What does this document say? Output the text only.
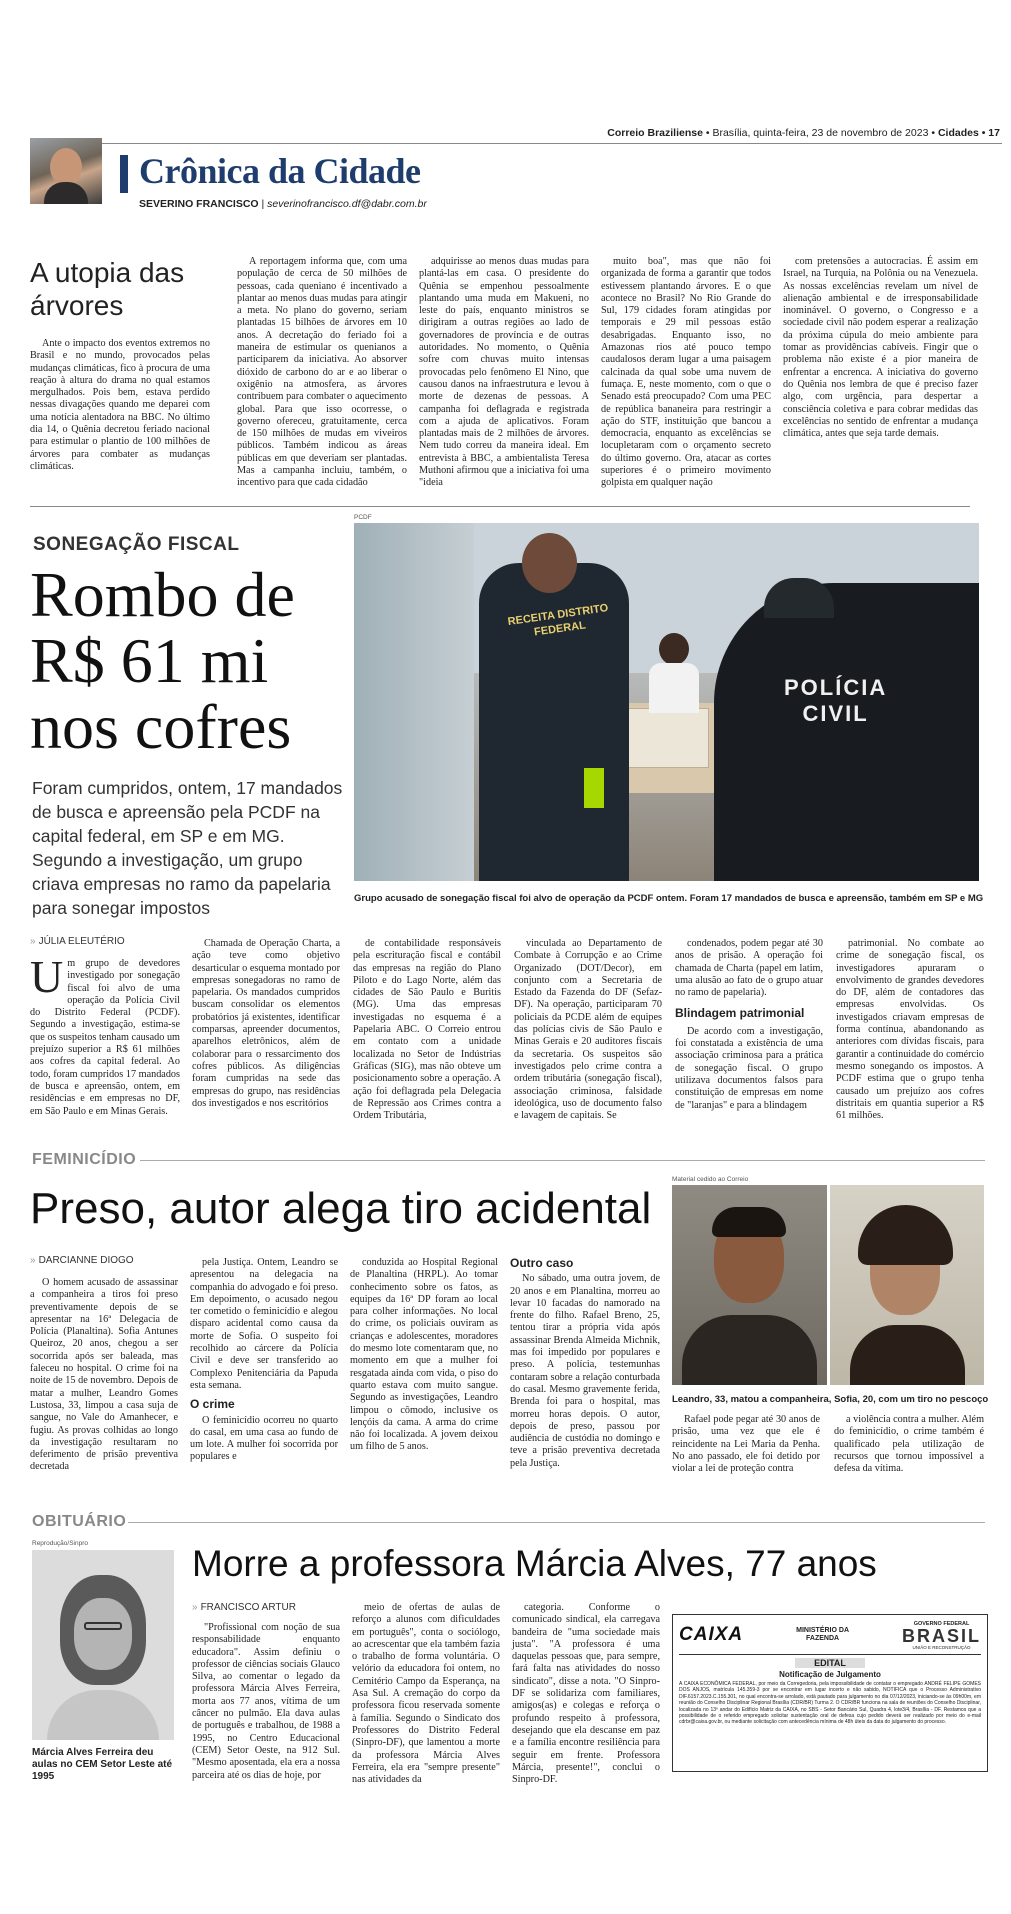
Correio Braziliense • Brasília, quinta-feira, 23 de novembro de 2023 • Cidades • 17
Crônica da Cidade
SEVERINO FRANCISCO | severinofrancisco.df@dabr.com.br
A utopia das árvores

Ante o impacto dos eventos extremos no Brasil e no mundo, provocados pelas mudanças climáticas, fico à procura de uma reação à altura do drama no qual estamos mergulhados. Pois bem, estava perdido nessas divagações quando me deparei com uma notícia alentadora na BBC. No último dia 14, o Quênia decretou feriado nacional para estimular o plantio de 100 milhões de árvores para combater as mudanças climáticas.

A reportagem informa que, com uma população de cerca de 50 milhões de pessoas, cada queniano é incentivado a plantar ao menos duas mudas para atingir a meta. No plano do governo, seriam plantadas 15 bilhões de árvores em 10 anos. A decretação do feriado foi a maneira de estimular os quenianos a participarem da iniciativa. Ao absorver dióxido de carbono do ar e ao liberar o oxigênio na atmosfera, as árvores contribuem para combater o aquecimento global. Para que isso ocorresse, o governo ofereceu, gratuitamente, cerca de 150 milhões de mudas em viveiros públicos. Também indicou as áreas públicas em que deveriam ser plantadas. Mas a campanha incluiu, também, o incentivo para que cada cidadão

adquirisse ao menos duas mudas para plantá-las em casa. O presidente do Quênia se empenhou pessoalmente plantando uma muda em Makueni, no leste do país, enquanto ministros se dirigiram a outras regiões ao lado de governadores de província e de outras autoridades. No momento, o Quênia sofre com chuvas muito intensas provocadas pelo fenômeno El Nino, que causou danos na infraestrutura e levou à morte de dezenas de pessoas. A campanha foi deflagrada e registrada com a ajuda de aplicativos. Foram plantadas mais de 2 milhões de árvores. Nem tudo correu da maneira ideal. Em entrevista à BBC, a ambientalista Teresa Muthoni afirmou que a iniciativa foi uma "ideia

muito boa", mas que não foi organizada de forma a garantir que todos estivessem plantando árvores. E o que acontece no Brasil? No Rio Grande do Sul, 179 cidades foram atingidas por temporais e 29 mil pessoas estão desabrigadas. Enquanto isso, no Amazonas rios até pouco tempo caudalosos deram lugar a uma paisagem calcinada da qual sobe uma nuvem de fumaça. E, neste momento, com o que o Senado está preocupado? Com uma PEC de república bananeira para restringir a ação do STF, instituição que bancou a democracia, enquanto as excelências se locupletaram com o orçamento secreto do último governo. Ora, atacar as cortes superiores é o primeiro movimento golpista em qualquer nação

com pretensões a autocracias. É assim em Israel, na Turquia, na Polônia ou na Venezuela. As nossas excelências revelam um nível de alienação ambiental e de irresponsabilidade inominável. O governo, o Congresso e a sociedade civil não podem esperar a realização da próxima cúpula do meio ambiente para tomar as providências cabíveis. Fingir que o problema não existe é a pior maneira de enfrentar a encrenca. A iniciativa do governo do Quênia nos lembra de que é preciso fazer algo, com urgência, para despertar a consciência coletiva e para cobrar medidas das excelências no sentido de enfrentar a mudança climática, antes que seja tarde demais.

SONEGAÇÃO FISCAL
Rombo de
R$ 61 mi
nos cofres
Foram cumpridos, ontem, 17 mandados de busca e apreensão pela PCDF na capital federal, em SP e em MG. Segundo a investigação, um grupo criava empresas no ramo da papelaria para sonegar impostos
PCDF
RECEITA DISTRITO FEDERAL
POLÍCIA
CIVIL
Grupo acusado de sonegação fiscal foi alvo de operação da PCDF ontem. Foram 17 mandados de busca e apreensão, também em SP e MG
» JÚLIA ELEUTÉRIO
U m grupo de devedores investigado por sonegação fiscal foi alvo de uma operação da Polícia Civil do Distrito Federal (PCDF). Segundo a investigação, estima-se que os suspeitos tenham causado um prejuízo superior a R$ 61 milhões aos cofres da capital federal. Ao todo, foram cumpridos 17 mandados de busca e apreensão, ontem, em residências e em empresas no DF, em São Paulo e em Minas Gerais.

Chamada de Operação Charta, a ação teve como objetivo desarticular o esquema montado por empresas sonegadoras no ramo de papelaria. Os mandados cumpridos buscam consolidar os elementos probatórios já existentes, identificar comparsas, apreender documentos, aparelhos eletrônicos, além de colaborar para o ressarcimento dos cofres públicos. As diligências foram cumpridas na sede das empresas do grupo, nas residências dos investigados e nos escritórios

de contabilidade responsáveis pela escrituração fiscal e contábil das empresas na região do Plano Piloto e do Lago Norte, além das cidades de São Paulo e Buritis (MG). Uma das empresas investigadas no esquema é a Papelaria ABC. O Correio entrou em contato com a unidade localizada no Setor de Indústrias Gráficas (SIG), mas não obteve um posicionamento sobre a operação. A ação foi deflagrada pela Delegacia de Repressão aos Crimes contra a Ordem Tributária,

vinculada ao Departamento de Combate à Corrupção e ao Crime Organizado (DOT/Decor), em conjunto com a Secretaria de Estado da Fazenda do DF (Sefaz-DF). Na operação, participaram 70 policiais da PCDE além de equipes das polícias civis de São Paulo e Minas Gerais e 20 auditores fiscais da secretaria. Os suspeitos são investigados pelo crime contra a ordem tributária (sonegação fiscal), associação criminosa, falsidade ideológica, uso de documento falso e lavagem de capitais. Se

condenados, podem pegar até 30 anos de prisão. A operação foi chamada de Charta (papel em latim, uma alusão ao fato de o grupo atuar no ramo de papelaria).

Blindagem patrimonial

De acordo com a investigação, foi constatada a existência de uma associação criminosa para a prática de sonegação fiscal. O grupo utilizava documentos falsos para constituição de empresas em nome de "laranjas" e para a blindagem

patrimonial. No combate ao crime de sonegação fiscal, os investigadores apuraram o envolvimento de grandes devedores do DF, além de contadores das empresas envolvidas. Os investigados criavam empresas de forma contínua, abandonando as anteriores com dívidas fiscais, para garantir a continuidade do comércio mesmo sonegando os impostos. A PCDF estima que o grupo tenha causado um prejuízo aos cofres distritais em quantia superior a R$ 61 milhões.

FEMINICÍDIO
Preso, autor alega tiro acidental
» DARCIANNE DIOGO

O homem acusado de assassinar a companheira a tiros foi preso preventivamente depois de se apresentar na 16ª Delegacia de Polícia (Planaltina). Sofia Antunes Queiroz, 20 anos, chegou a ser socorrida após ser baleada, mas faleceu no hospital. O crime foi na noite de 15 de novembro. Depois de matar a mulher, Leandro Gomes Lustosa, 33, limpou a casa suja de sangue, no Vale do Amanhecer, e fugiu. As provas colhidas ao longo da investigação resultaram no deferimento de prisão preventiva decretada

pela Justiça. Ontem, Leandro se apresentou na delegacia na companhia do advogado e foi preso. Em depoimento, o acusado negou ter cometido o feminicídio e alegou disparo acidental como causa da morte de Sofia. O suspeito foi recolhido ao cárcere da Polícia Civil e deve ser transferido ao Complexo Penitenciária da Papuda esta semana.

O crime

O feminicídio ocorreu no quarto do casal, em uma casa ao fundo de um lote. A mulher foi socorrida por populares e

conduzida ao Hospital Regional de Planaltina (HRPL). Ao tomar conhecimento sobre os fatos, as equipes da 16ª DP foram ao local para colher informações. No local do crime, os policiais ouviram as crianças e adolescentes, moradores do mesmo lote comentaram que, no momento em que a mulher foi resgatada ainda com vida, o piso do quarto estava com muito sangue. Segundo as investigações, Leandro limpou o cômodo, inclusive os lençóis da cama. A arma do crime não foi localizada. A jovem deixou um filho de 5 anos.

Outro caso

No sábado, uma outra jovem, de 20 anos e em Planaltina, morreu ao levar 10 facadas do namorado na frente do filho. Rafael Breno, 25, tentou tirar a própria vida após assassinar Brenda Almeida Michnik, mas foi impedido por populares e preso. A polícia, testemunhas contaram sobre a relação conturbada do casal. Mesmo gravemente ferida, Brenda foi para o hospital, mas morreu horas depois. O autor, depois de preso, passou por audiência de custódia no domingo e teve a prisão preventiva decretada pela Justiça.

Material cedido ao Correio
Leandro, 33, matou a companheira, Sofia, 20, com um tiro no pescoço

Rafael pode pegar até 30 anos de prisão, uma vez que ele é reincidente na Lei Maria da Penha. No ano passado, ele foi detido por violar a lei de proteção contra

a violência contra a mulher. Além do feminicídio, o crime também é qualificado pela utilização de recursos que tornou impossível a defesa da vítima.

OBITUÁRIO
Reprodução/Sinpro
Márcia Alves Ferreira deu aulas no CEM Setor Leste até 1995
Morre a professora Márcia Alves, 77 anos
» FRANCISCO ARTUR

"Profissional com noção de sua responsabilidade enquanto educadora". Assim definiu o professor de ciências sociais Glauco Silva, ao comentar o legado da professora Márcia Alves Ferreira, morta aos 77 anos, vítima de um câncer no pulmão. Ela dava aulas de português e trabalhou, de 1988 a 1995, no Centro Educacional (CEM) Setor Oeste, na 912 Sul. "Mesmo aposentada, ela era a nossa parceira até os dias de hoje, por

meio de ofertas de aulas de reforço a alunos com dificuldades em português", conta o sociólogo, ao acrescentar que ela também fazia o trabalho de forma voluntária. O velório da educadora foi ontem, no Cemitério Campo da Esperança, na Asa Sul. A cremação do corpo da professora ficou reservada somente à família. Segundo o Sindicato dos Professores do Distrito Federal (Sinpro-DF), que lamentou a morte da professora Márcia Alves Ferreira, ela era "sempre presente" nas atividades da

categoria. Conforme o comunicado sindical, ela carregava bandeira de "uma sociedade mais justa". "A professora é uma daquelas pessoas que, para sempre, fará falta nas atividades do nosso sindicato", disse a nota. "O Sinpro-DF se solidariza com familiares, amigos(as) e colegas e reforça o profundo respeito à professora, desejando que ela descanse em paz e a família encontre resiliência para seguir em frente. Professora Márcia, presente!", conclui o Sinpro-DF.

CAIXA	MINISTÉRIO DA FAZENDA
GOVERNO FEDERAL
BRASIL
UNIÃO E RECONSTRUÇÃO
EDITAL
Notificação de Julgamento
A CAIXA ECONÔMICA FEDERAL, por meio da Corregedoria, pela impossibilidade de contatar o empregado ANDRÉ FELIPE GOMES DOS ANJOS, matrícula 145.359-3 por se encontrar em lugar incerto e não sabido, NOTIFICA que o Processo Administrativo DIF.6157.2023.C.155.301, no qual encontra-se arrolado, está pautado para julgamento no dia 07/12/2023, iniciando-se às 09h00m, em reunião do Conselho Disciplinar Regional Brasília (CDR/BR) Turma 2. O CDR/BR funciona na sala de reuniões do Conselho Disciplinar, localizada no 13º andar do Edifício Matriz da CAIXA, no SBS - Setor Bancário Sul, Quadra 4, lote3/4, Brasília - DF. Restamos que a possibilidade de o referido empregado solicitar sustentação oral de defesa cujo pedido deverá ser realizado por meio do e-mail cdrbr@caixa.gov.br, ou mediante solicitação com antecedência mínima de 48h úteis da data do julgamento do processo.
